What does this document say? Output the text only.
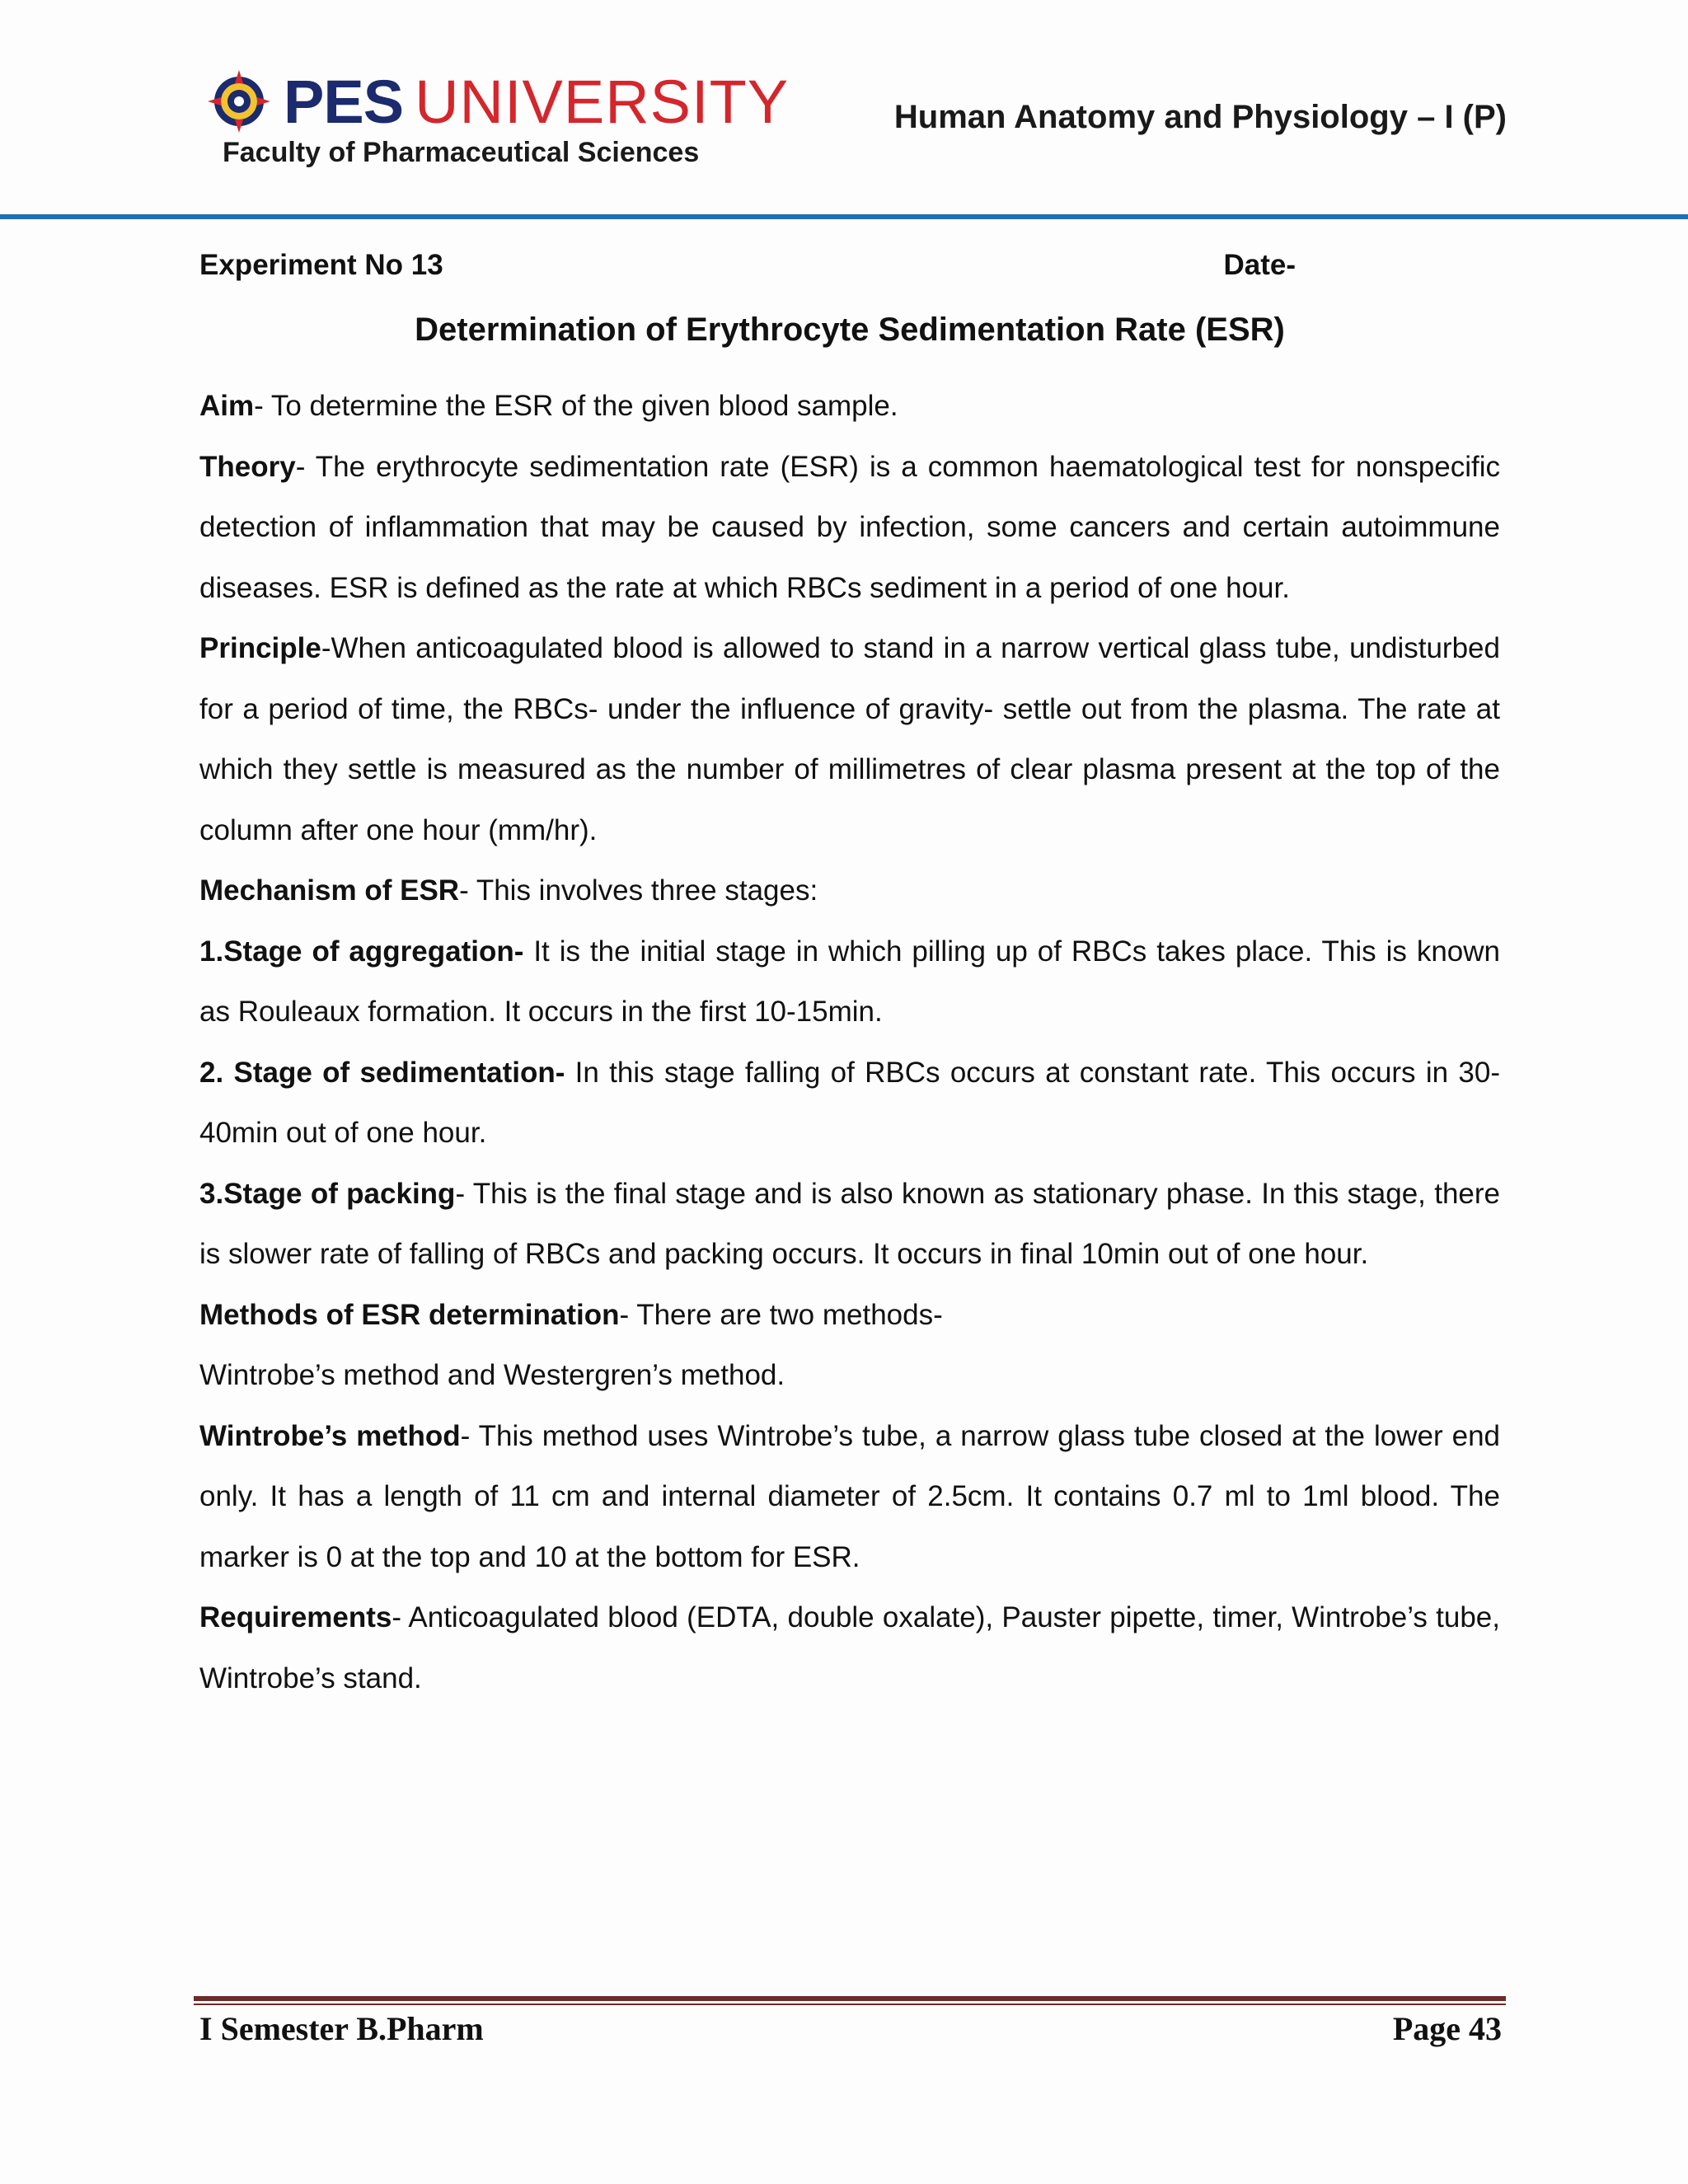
PES UNIVERSITY
Faculty of Pharmaceutical Sciences
Human Anatomy and Physiology – I (P)
Experiment No 13	Date-
Determination of Erythrocyte Sedimentation Rate (ESR)

Aim- To determine the ESR of the given blood sample.

Theory- The erythrocyte sedimentation rate (ESR) is a common haematological test for nonspecific detection of inflammation that may be caused by infection, some cancers and certain autoimmune diseases. ESR is defined as the rate at which RBCs sediment in a period of one hour.

Principle-When anticoagulated blood is allowed to stand in a narrow vertical glass tube, undisturbed for a period of time, the RBCs- under the influence of gravity- settle out from the plasma. The rate at which they settle is measured as the number of millimetres of clear plasma present at the top of the column after one hour (mm/hr).

Mechanism of ESR- This involves three stages:

1.Stage of aggregation- It is the initial stage in which pilling up of RBCs takes place. This is known as Rouleaux formation. It occurs in the first 10-15min.

2. Stage of sedimentation- In this stage falling of RBCs occurs at constant rate. This occurs in 30-40min out of one hour.

3.Stage of packing- This is the final stage and is also known as stationary phase. In this stage, there is slower rate of falling of RBCs and packing occurs. It occurs in final 10min out of one hour.

Methods of ESR determination- There are two methods-

Wintrobe’s method and Westergren’s method.

Wintrobe’s method- This method uses Wintrobe’s tube, a narrow glass tube closed at the lower end only. It has a length of 11 cm and internal diameter of 2.5cm. It contains 0.7 ml to 1ml blood. The marker is 0 at the top and 10 at the bottom for ESR.

Requirements- Anticoagulated blood (EDTA, double oxalate), Pauster pipette, timer, Wintrobe’s tube, Wintrobe’s stand.

I Semester B.Pharm	Page 43
